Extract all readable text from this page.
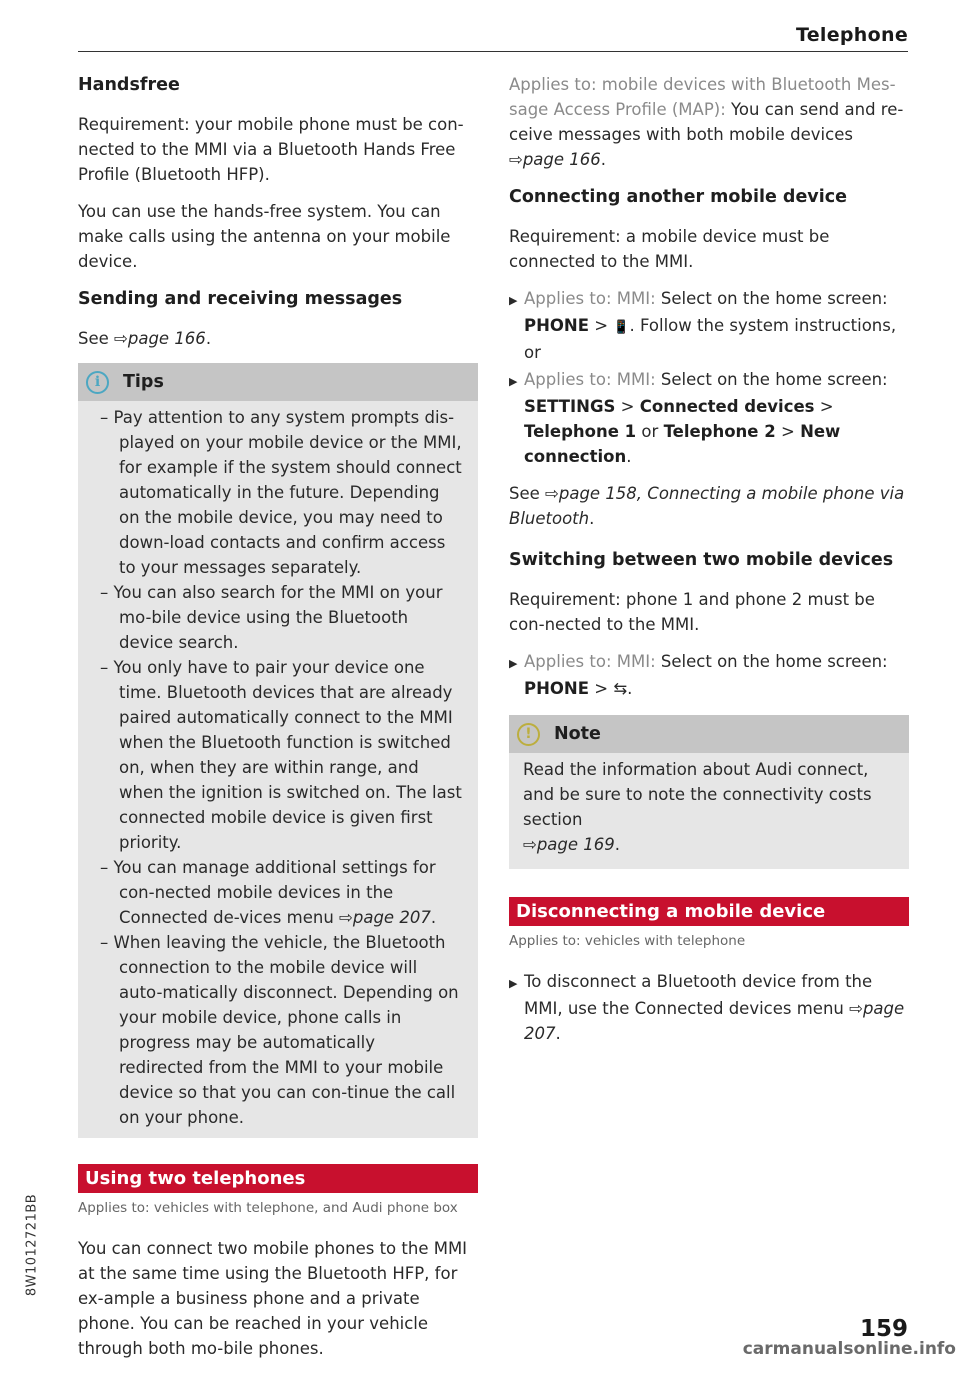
Telephone
Handsfree

Requirement: your mobile phone must be con-nected to the MMI via a Bluetooth Hands Free Profile (Bluetooth HFP).

You can use the hands-free system. You can make calls using the antenna on your mobile device.

Sending and receiving messages

See ⇨page 166.

i	Tips
– Pay attention to any system prompts dis-played on your mobile device or the MMI, for example if the system should connect automatically in the future. Depending on the mobile device, you may need to down-load contacts and confirm access to your messages separately.
– You can also search for the MMI on your mo-bile device using the Bluetooth device search.
– You only have to pair your device one time. Bluetooth devices that are already paired automatically connect to the MMI when the Bluetooth function is switched on, when they are within range, and when the ignition is switched on. The last connected mobile device is given first priority.
– You can manage additional settings for con-nected mobile devices in the Connected de-vices menu ⇨page 207.
– When leaving the vehicle, the Bluetooth connection to the mobile device will auto-matically disconnect. Depending on your mobile device, phone calls in progress may be automatically redirected from the MMI to your mobile device so that you can con-tinue the call on your phone.
Using two telephones
Applies to: vehicles with telephone, and Audi phone box

You can connect two mobile phones to the MMI at the same time using the Bluetooth HFP, for ex-ample a business phone and a private phone. You can be reached in your vehicle through both mo-bile phones.

Applies to: mobile devices with Bluetooth Mes-sage Access Profile (MAP): You can send and re-ceive messages with both mobile devices
⇨page 166.

Connecting another mobile device

Requirement: a mobile device must be connected to the MMI.

▶ Applies to: MMI: Select on the home screen: PHONE > 📱. Follow the system instructions, or
▶ Applies to: MMI: Select on the home screen: SETTINGS > Connected devices > Telephone 1 or Telephone 2 > New connection.

See ⇨page 158, Connecting a mobile phone via Bluetooth.

Switching between two mobile devices

Requirement: phone 1 and phone 2 must be con-nected to the MMI.

▶ Applies to: MMI: Select on the home screen: PHONE > ⇆.
!	Note

Read the information about Audi connect, and be sure to note the connectivity costs section
⇨page 169.

Disconnecting a mobile device
Applies to: vehicles with telephone
▶ To disconnect a Bluetooth device from the MMI, use the Connected devices menu ⇨page 207.
8W1012721BB
159
carmanualsonline.info
